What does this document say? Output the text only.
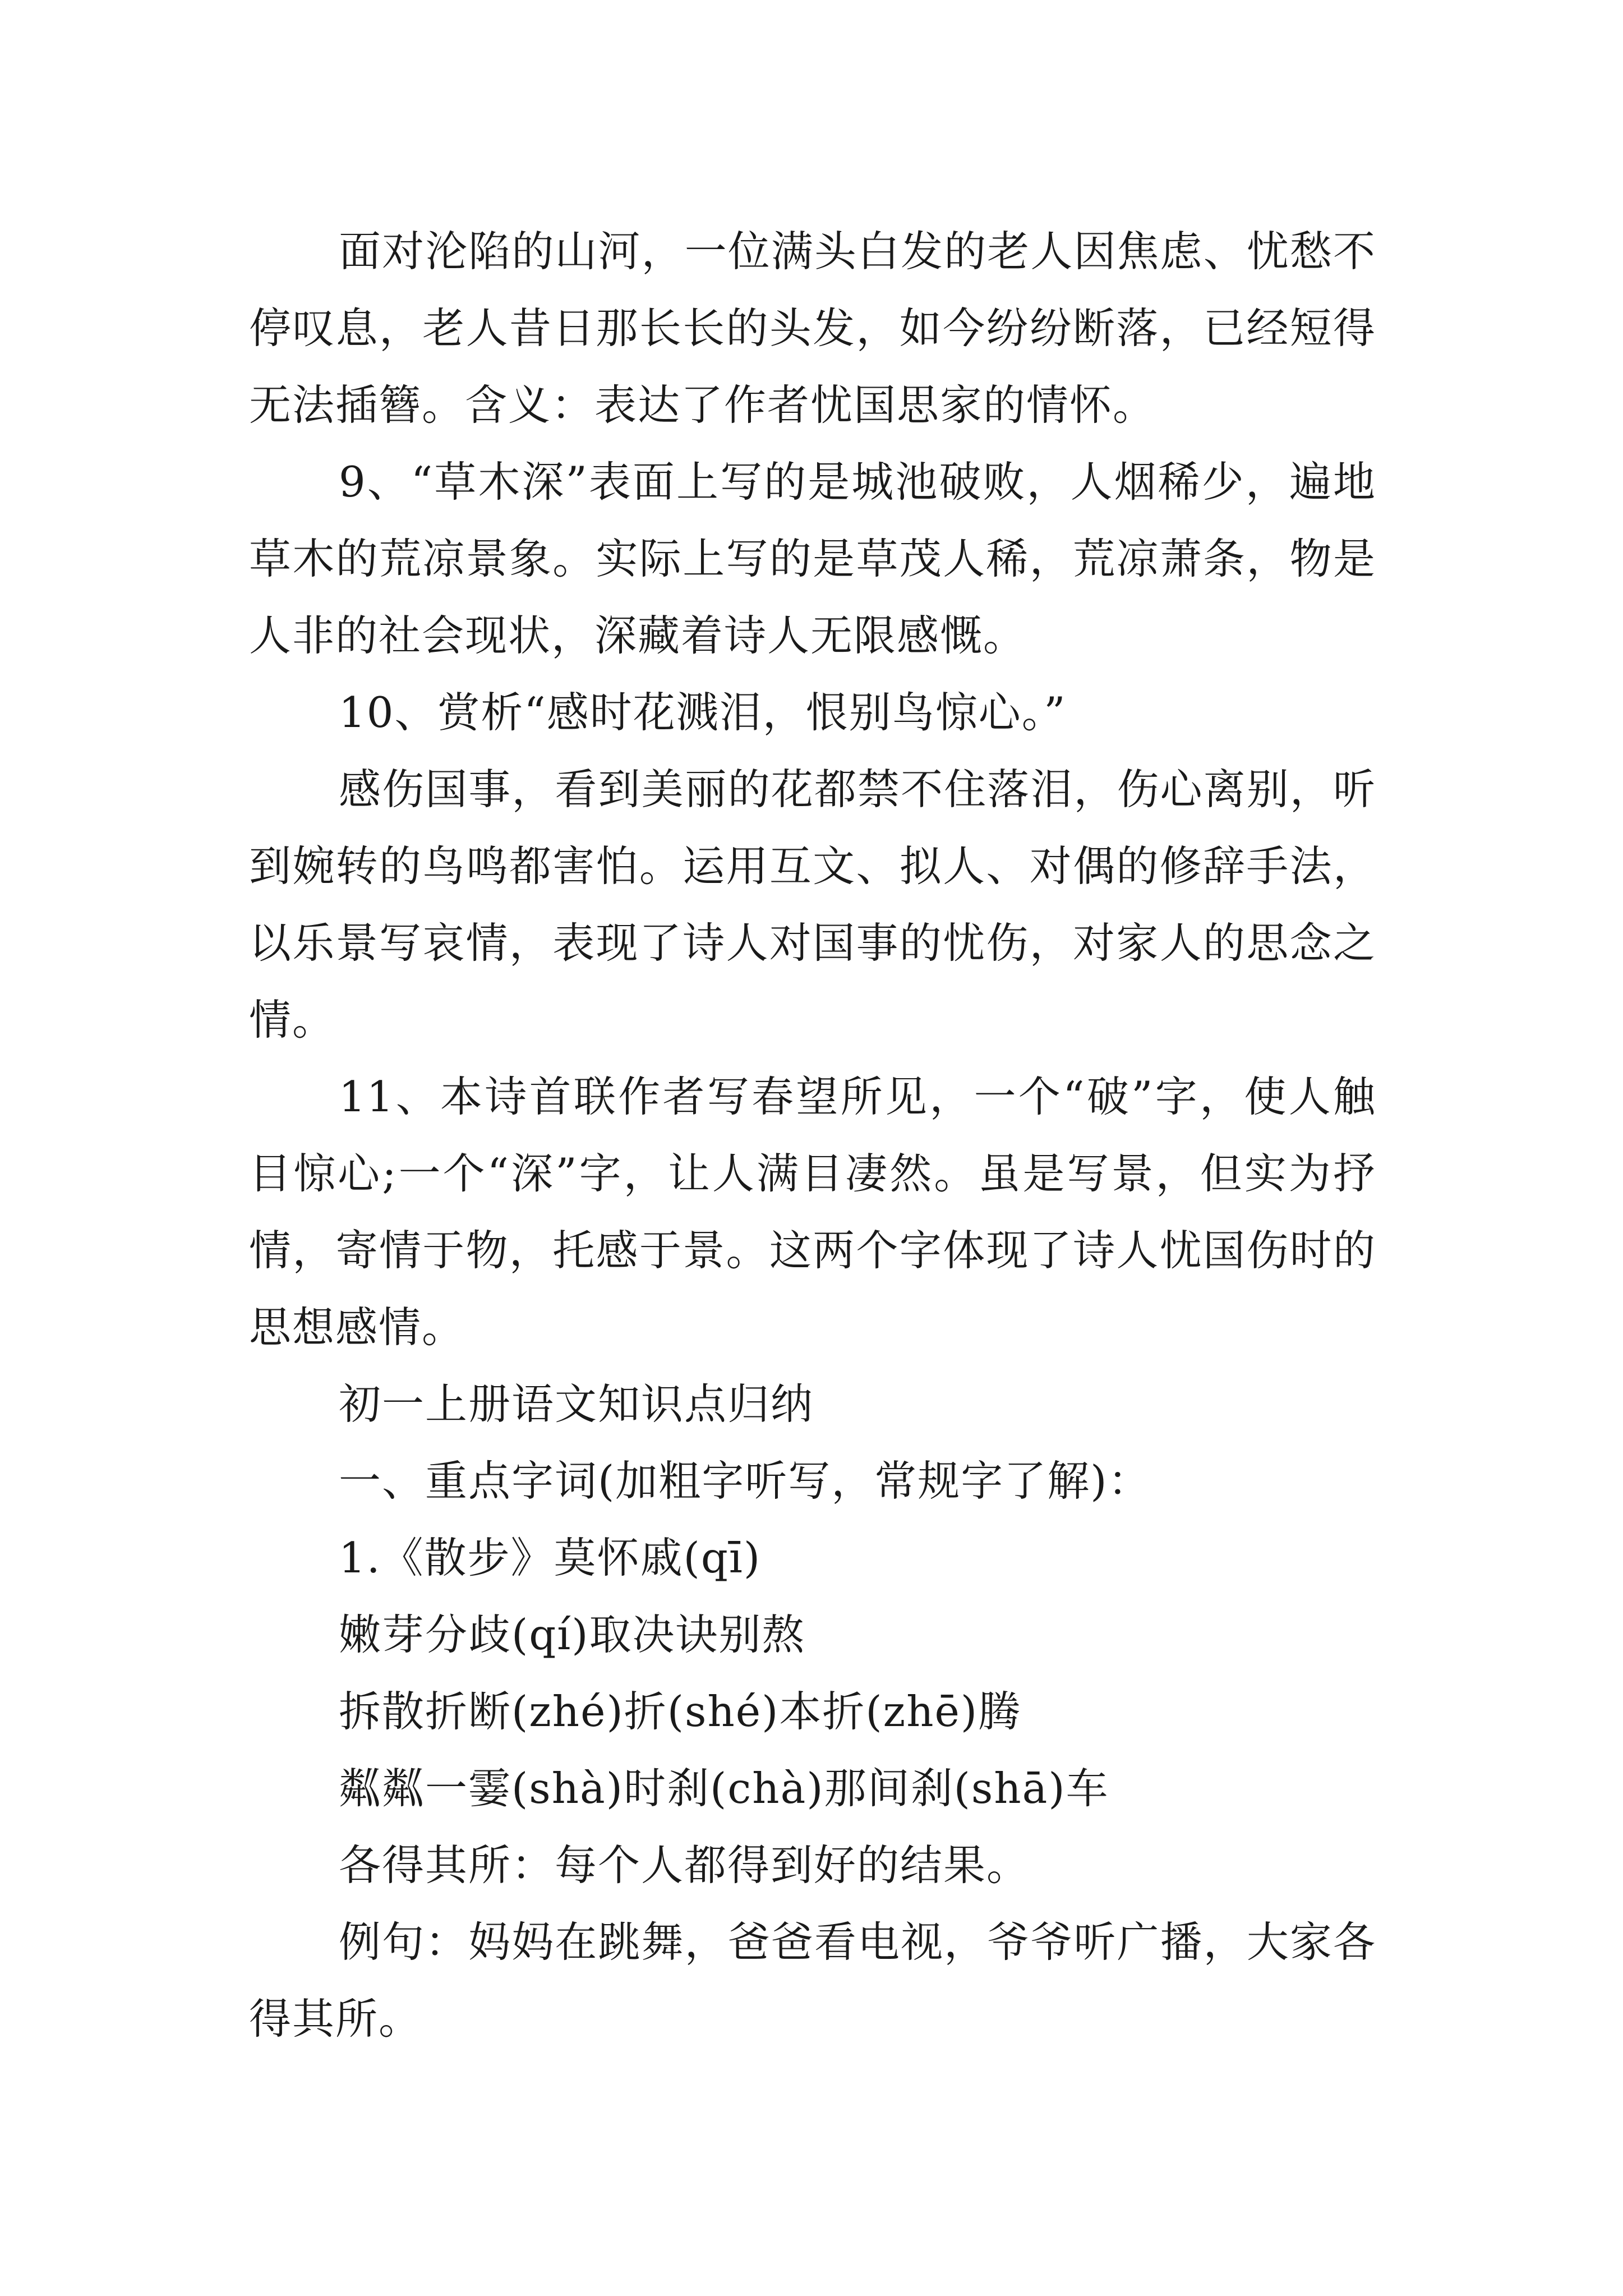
面对沦陷的山河，一位满头白发的老人因焦虑、忧愁不停叹息，老人昔日那长长的头发，如今纷纷断落，已经短得无法插簪。含义：表达了作者忧国思家的情怀。

9、“草木深”表面上写的是城池破败，人烟稀少，遍地草木的荒凉景象。实际上写的是草茂人稀，荒凉萧条，物是人非的社会现状，深藏着诗人无限感慨。

10、赏析“感时花溅泪，恨别鸟惊心。”

感伤国事，看到美丽的花都禁不住落泪，伤心离别，听到婉转的鸟鸣都害怕。运用互文、拟人、对偶的修辞手法，以乐景写哀情，表现了诗人对国事的忧伤，对家人的思念之情。

11、本诗首联作者写春望所见，一个“破”字，使人触目惊心;一个“深”字，让人满目凄然。虽是写景，但实为抒情，寄情于物，托感于景。这两个字体现了诗人忧国伤时的思想感情。

初一上册语文知识点归纳

一、重点字词(加粗字听写，常规字了解)：

1.《散步》莫怀戚(qī)

嫩芽分歧(qí)取决诀别熬

拆散折断(zhé)折(shé)本折(zhē)腾

粼粼一霎(shà)时刹(chà)那间刹(shā)车

各得其所：每个人都得到好的结果。

例句：妈妈在跳舞，爸爸看电视，爷爷听广播，大家各得其所。
